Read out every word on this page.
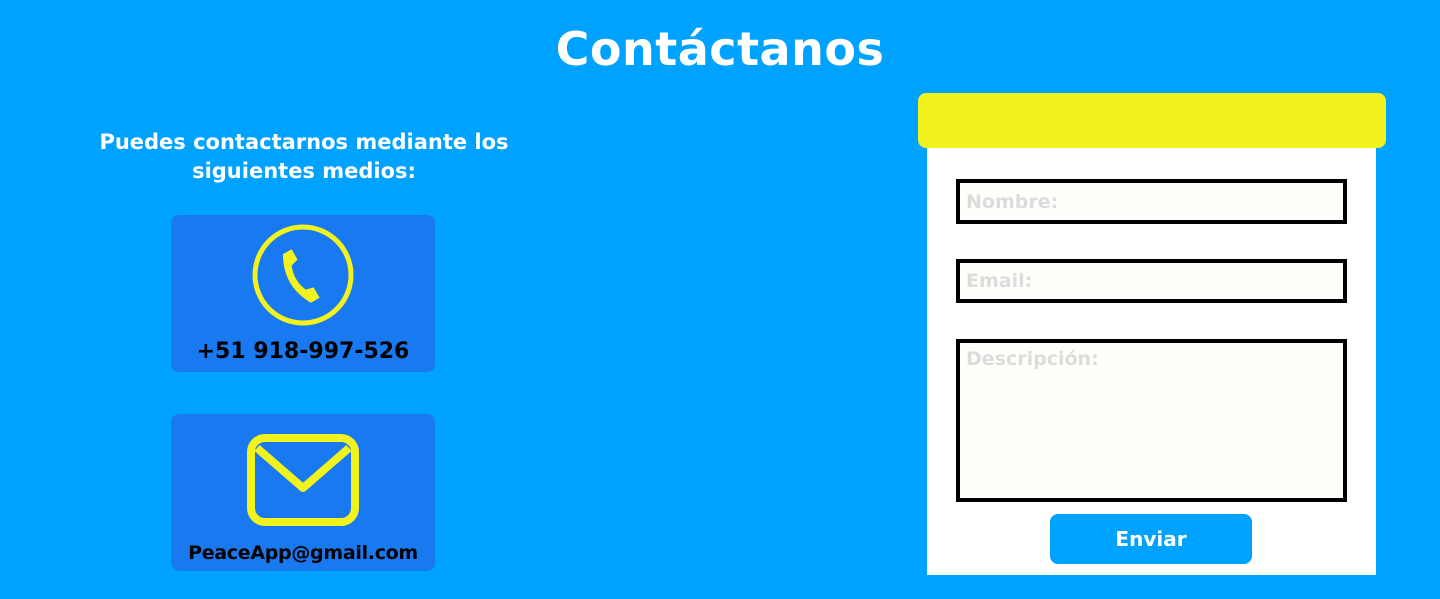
Contáctanos

Puedes contactarnos mediante los siguientes medios:

+51 918-997-526
PeaceApp@gmail.com
Nombre:
Email:
Descripción:
Enviar
